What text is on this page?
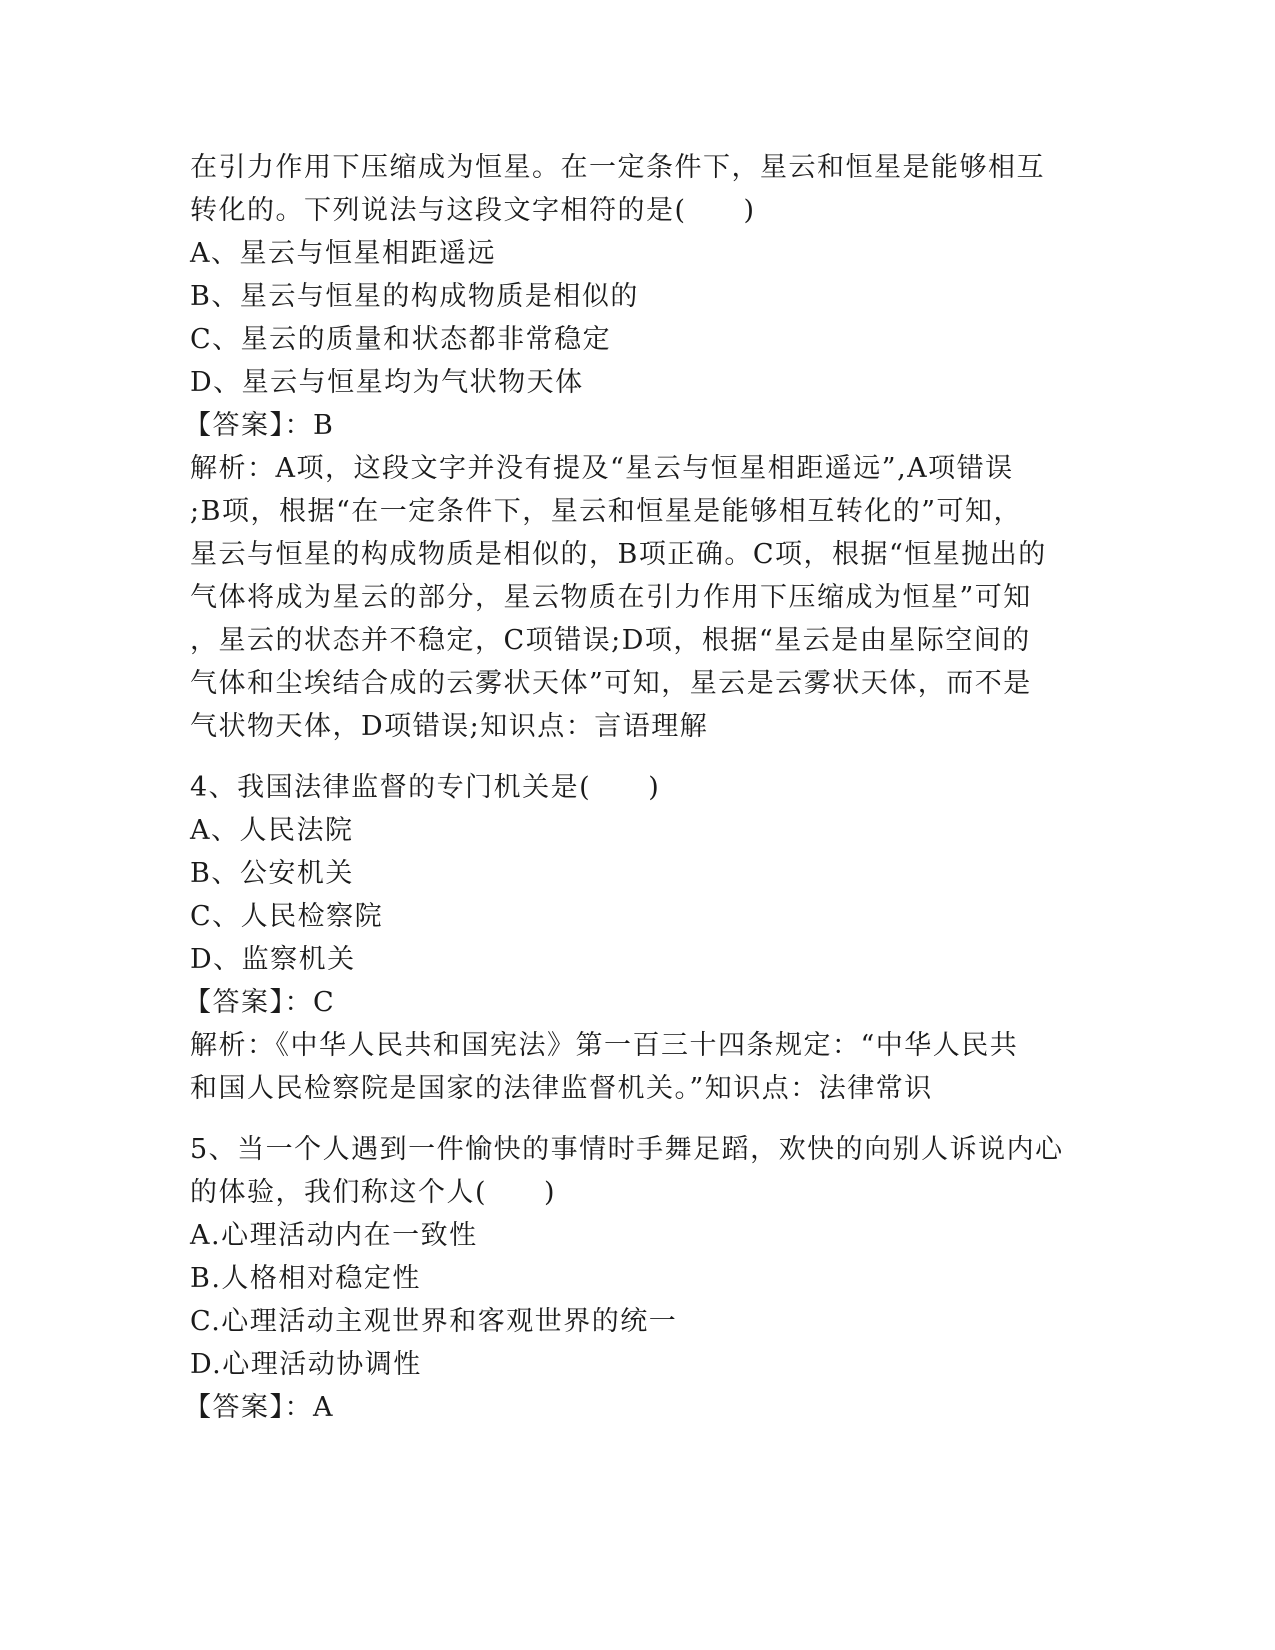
在引力作用下压缩成为恒星。在一定条件下，星云和恒星是能够相互
转化的。下列说法与这段文字相符的是(　　)
A、星云与恒星相距遥远
B、星云与恒星的构成物质是相似的
C、星云的质量和状态都非常稳定
D、星云与恒星均为气状物天体
【答案】：B
解析：A项，这段文字并没有提及“星云与恒星相距遥远”,A项错误
;B项，根据“在一定条件下，星云和恒星是能够相互转化的”可知，
星云与恒星的构成物质是相似的，B项正确。C项，根据“恒星抛出的
气体将成为星云的部分，星云物质在引力作用下压缩成为恒星”可知
，星云的状态并不稳定，C项错误;D项，根据“星云是由星际空间的
气体和尘埃结合成的云雾状天体”可知，星云是云雾状天体，而不是
气状物天体，D项错误;知识点：言语理解
4、我国法律监督的专门机关是(　　)
A、人民法院
B、公安机关
C、人民检察院
D、监察机关
【答案】：C
解析：《中华人民共和国宪法》第一百三十四条规定：“中华人民共
和国人民检察院是国家的法律监督机关。”知识点：法律常识
5、当一个人遇到一件愉快的事情时手舞足蹈，欢快的向别人诉说内心
的体验，我们称这个人(　　)
A.心理活动内在一致性
B.人格相对稳定性
C.心理活动主观世界和客观世界的统一
D.心理活动协调性
【答案】：A
